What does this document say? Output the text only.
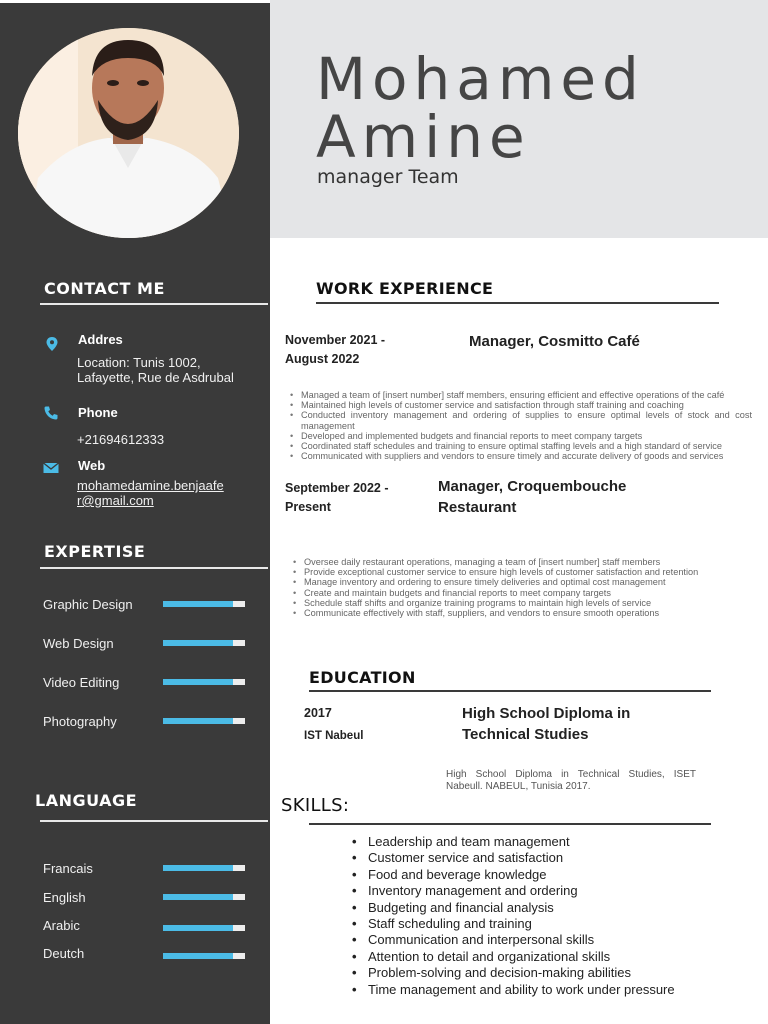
Mohamed
Amine
manager Team
CONTACT ME
Addres
Location: Tunis 1002, Lafayette, Rue de Asdrubal
Phone
+21694612333
Web
mohamedamine.benjaafe
r@gmail.com
EXPERTISE
Graphic Design
Web Design
Video Editing
Photography
LANGUAGE
Francais
English
Arabic
Deutch
WORK EXPERIENCE
November 2021 -
August 2022
Manager, Cosmitto Café
• Managed a team of [insert number] staff members, ensuring efficient and effective operations of the café
• Maintained high levels of customer service and satisfaction through staff training and coaching
• Conducted inventory management and ordering of supplies to ensure optimal levels of stock and cost management
• Developed and implemented budgets and financial reports to meet company targets
• Coordinated staff schedules and training to ensure optimal staffing levels and a high standard of service
• Communicated with suppliers and vendors to ensure timely and accurate delivery of goods and services
September 2022 -
Present
Manager, Croquembouche
Restaurant
• Oversee daily restaurant operations, managing a team of [insert number] staff members
• Provide exceptional customer service to ensure high levels of customer satisfaction and retention
• Manage inventory and ordering to ensure timely deliveries and optimal cost management
• Create and maintain budgets and financial reports to meet company targets
• Schedule staff shifts and organize training programs to maintain high levels of service
• Communicate effectively with staff, suppliers, and vendors to ensure smooth operations
EDUCATION
2017
IST Nabeul
High School Diploma in
Technical Studies
High School Diploma in Technical Studies, ISET Nabeull. NABEUL, Tunisia 2017.
SKILLS:
• Leadership and team management
• Customer service and satisfaction
• Food and beverage knowledge
• Inventory management and ordering
• Budgeting and financial analysis
• Staff scheduling and training
• Communication and interpersonal skills
• Attention to detail and organizational skills
• Problem-solving and decision-making abilities
• Time management and ability to work under pressure
